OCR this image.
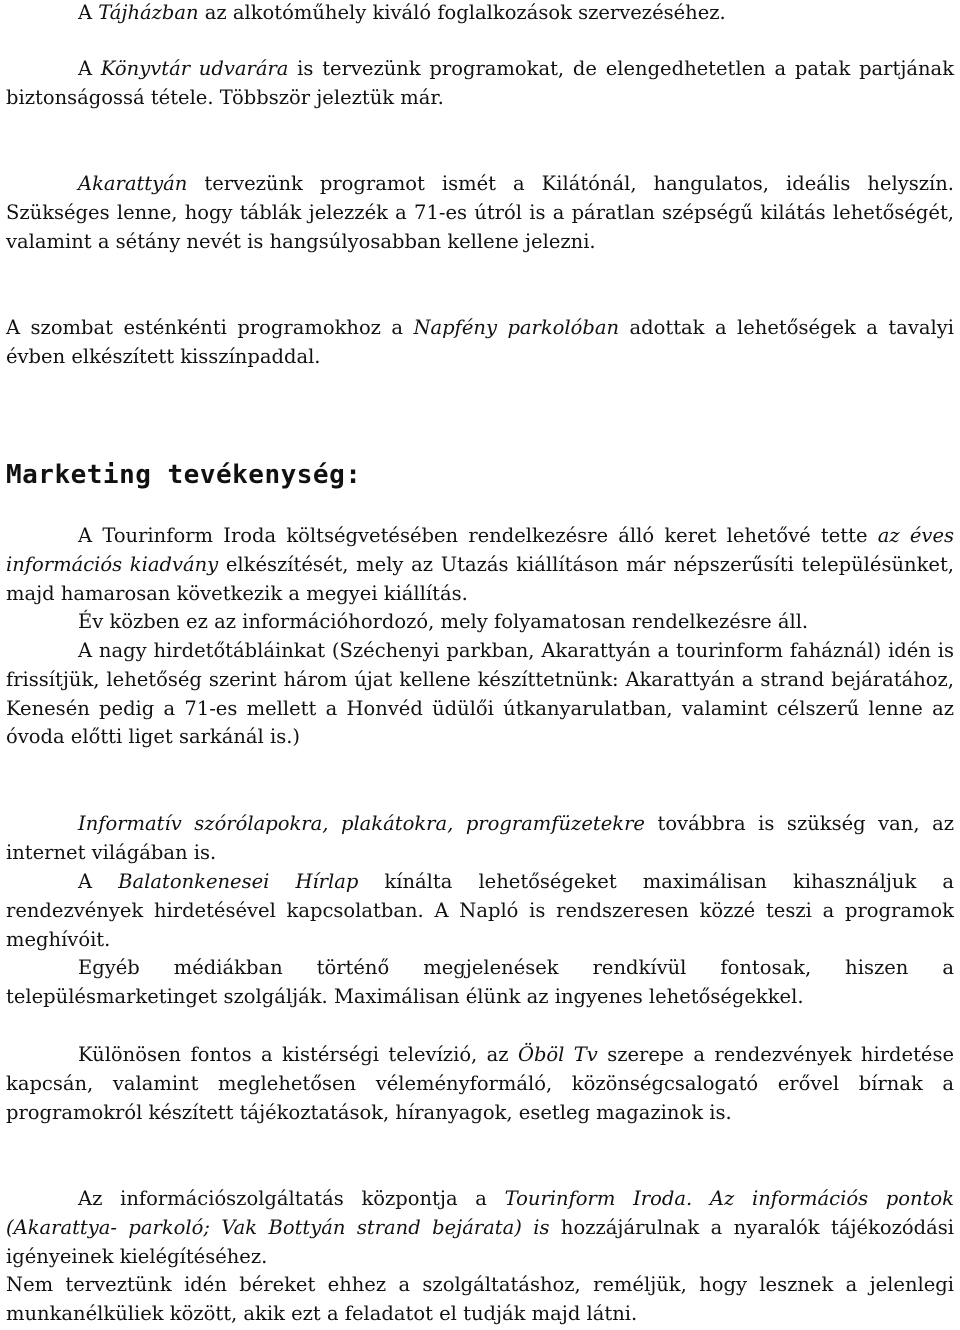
A Tájházban az alkotóműhely kiváló foglalkozások szervezéséhez.

A Könyvtár udvarára is tervezünk programokat, de elengedhetetlen a patak partjának biztonságossá tétele. Többször jeleztük már.

Akarattyán tervezünk programot ismét a Kilátónál, hangulatos, ideális helyszín. Szükséges lenne, hogy táblák jelezzék a 71-es útról is a páratlan szépségű kilátás lehetőségét, valamint a sétány nevét is hangsúlyosabban kellene jelezni.

A szombat esténkénti programokhoz a Napfény parkolóban adottak a lehetőségek a tavalyi évben elkészített kisszínpaddal.

Marketing tevékenység:

A Tourinform Iroda költségvetésében rendelkezésre álló keret lehetővé tette az éves információs kiadvány elkészítését, mely az Utazás kiállításon már népszerűsíti településünket, majd hamarosan következik a megyei kiállítás.

Év közben ez az információhordozó, mely folyamatosan rendelkezésre áll.

A nagy hirdetőtábláinkat (Széchenyi parkban, Akarattyán a tourinform faháznál) idén is frissítjük, lehetőség szerint három újat kellene készíttetnünk: Akarattyán a strand bejáratához, Kenesén pedig a 71-es mellett a Honvéd üdülői útkanyarulatban, valamint célszerű lenne az óvoda előtti liget sarkánál is.)

Informatív szórólapokra, plakátokra, programfüzetekre továbbra is szükség van, az internet világában is.

A Balatonkenesei Hírlap kínálta lehetőségeket maximálisan kihasználjuk a rendezvények hirdetésével kapcsolatban. A Napló is rendszeresen közzé teszi a programok meghívóit.

Egyéb médiákban történő megjelenések rendkívül fontosak, hiszen a településmarketinget szolgálják. Maximálisan élünk az ingyenes lehetőségekkel.

Különösen fontos a kistérségi televízió, az Öböl Tv szerepe a rendezvények hirdetése kapcsán, valamint meglehetősen véleményformáló, közönségcsalogató erővel bírnak a programokról készített tájékoztatások, híranyagok, esetleg magazinok is.

Az információszolgáltatás központja a Tourinform Iroda. Az információs pontok (Akarattya- parkoló; Vak Bottyán strand bejárata) is hozzájárulnak a nyaralók tájékozódási igényeinek kielégítéséhez.

Nem terveztünk idén béreket ehhez a szolgáltatáshoz, reméljük, hogy lesznek a jelenlegi munkanélküliek között, akik ezt a feladatot el tudják majd látni.
